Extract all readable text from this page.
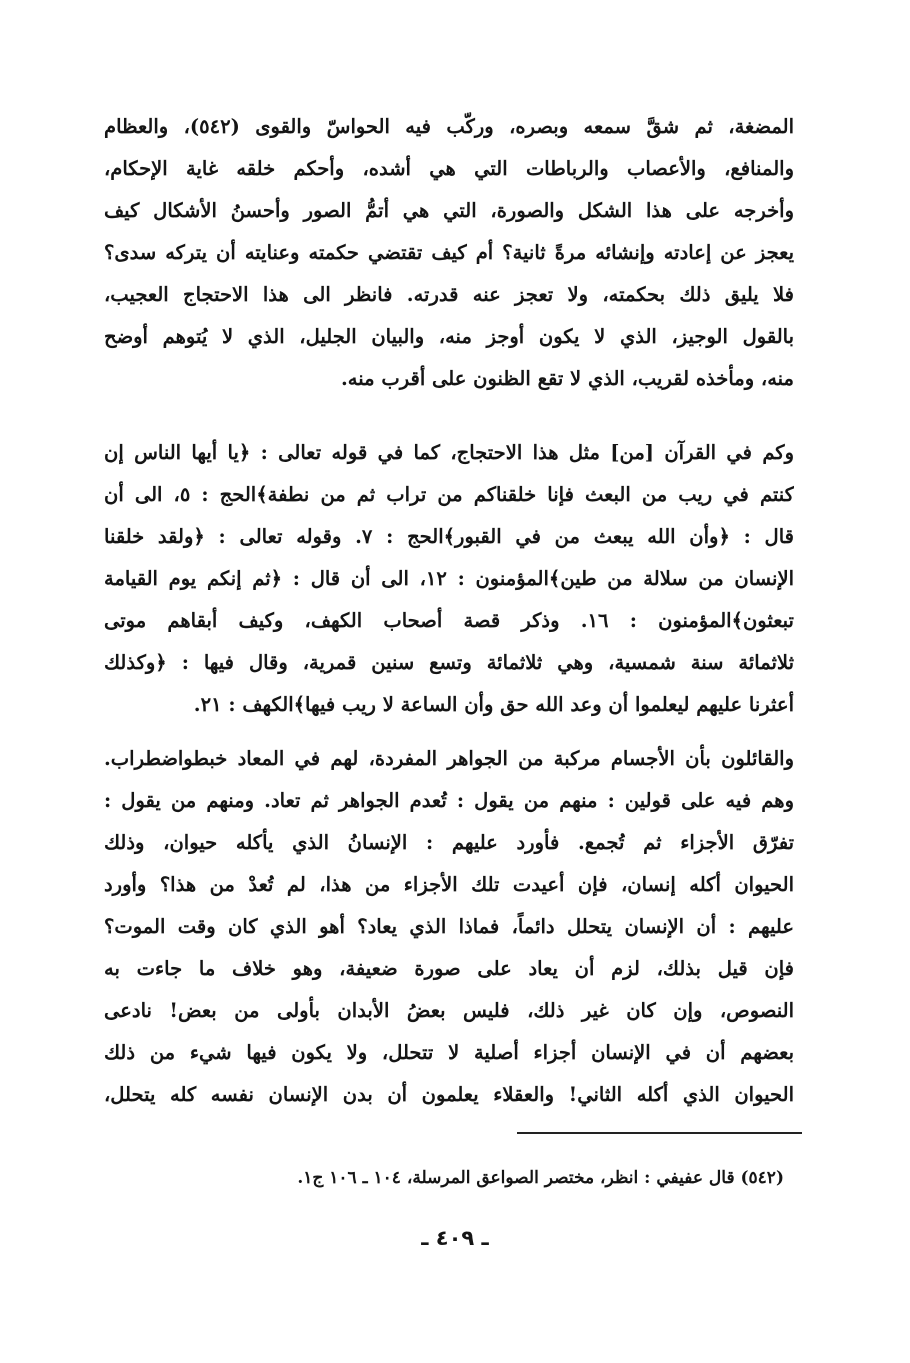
المضغة، ثم شقَّ سمعه وبصره، وركّب فيه الحواسّ والقوى (٥٤٢)، والعظام
والمنافع، والأعصاب والرباطات التي هي أشده، وأحكم خلقه غاية الإحكام،
وأخرجه على هذا الشكل والصورة، التي هي أتمُّ الصور وأحسنُ الأشكال كيف
يعجز عن إعادته وإنشائه مرةً ثانية؟ أم كيف تقتضي حكمته وعنايته أن يتركه سدى؟
فلا يليق ذلك بحكمته، ولا تعجز عنه قدرته. فانظر الى هذا الاحتجاج العجيب،
بالقول الوجيز، الذي لا يكون أوجز منه، والبيان الجليل، الذي لا يُتوهم أوضح
منه، ومأخذه لقريب، الذي لا تقع الظنون على أقرب منه.
وكم في القرآن [من] مثل هذا الاحتجاج، كما في قوله تعالى : ﴿يا أيها الناس إن
كنتم في ريب من البعث فإنا خلقناكم من تراب ثم من نطفة﴾الحج : ٥، الى أن
قال : ﴿وأن الله يبعث من في القبور﴾الحج : ٧. وقوله تعالى : ﴿ولقد خلقنا
الإنسان من سلالة من طين﴾المؤمنون : ١٢، الى أن قال : ﴿ثم إنكم يوم القيامة
تبعثون﴾المؤمنون : ١٦. وذكر قصة أصحاب الكهف، وكيف أبقاهم موتى
ثلاثمائة سنة شمسية، وهي ثلاثمائة وتسع سنين قمرية، وقال فيها : ﴿وكذلك
أعثرنا عليهم ليعلموا أن وعد الله حق وأن الساعة لا ريب فيها﴾الكهف : ٢١.
والقائلون بأن الأجسام مركبة من الجواهر المفردة، لهم في المعاد خبطواضطراب.
وهم فيه على قولين : منهم من يقول : تُعدم الجواهر ثم تعاد. ومنهم من يقول :
تفرّق الأجزاء ثم تُجمع. فأورد عليهم : الإنسانُ الذي يأكله حيوان، وذلك
الحيوان أكله إنسان، فإن أعيدت تلك الأجزاء من هذا، لم تُعدْ من هذا؟ وأورد
عليهم : أن الإنسان يتحلل دائماً، فماذا الذي يعاد؟ أهو الذي كان وقت الموت؟
فإن قيل بذلك، لزم أن يعاد على صورة ضعيفة، وهو خلاف ما جاءت به
النصوص، وإن كان غير ذلك، فليس بعضُ الأبدان بأولى من بعض! نادعى
بعضهم أن في الإنسان أجزاء أصلية لا تتحلل، ولا يكون فيها شيء من ذلك
الحيوان الذي أكله الثاني! والعقلاء يعلمون أن بدن الإنسان نفسه كله يتحلل،
(٥٤٢) قال عفيفي : انظر، مختصر الصواعق المرسلة، ١٠٤ ـ ١٠٦ ج١.
ـ ٤٠٩ ـ
